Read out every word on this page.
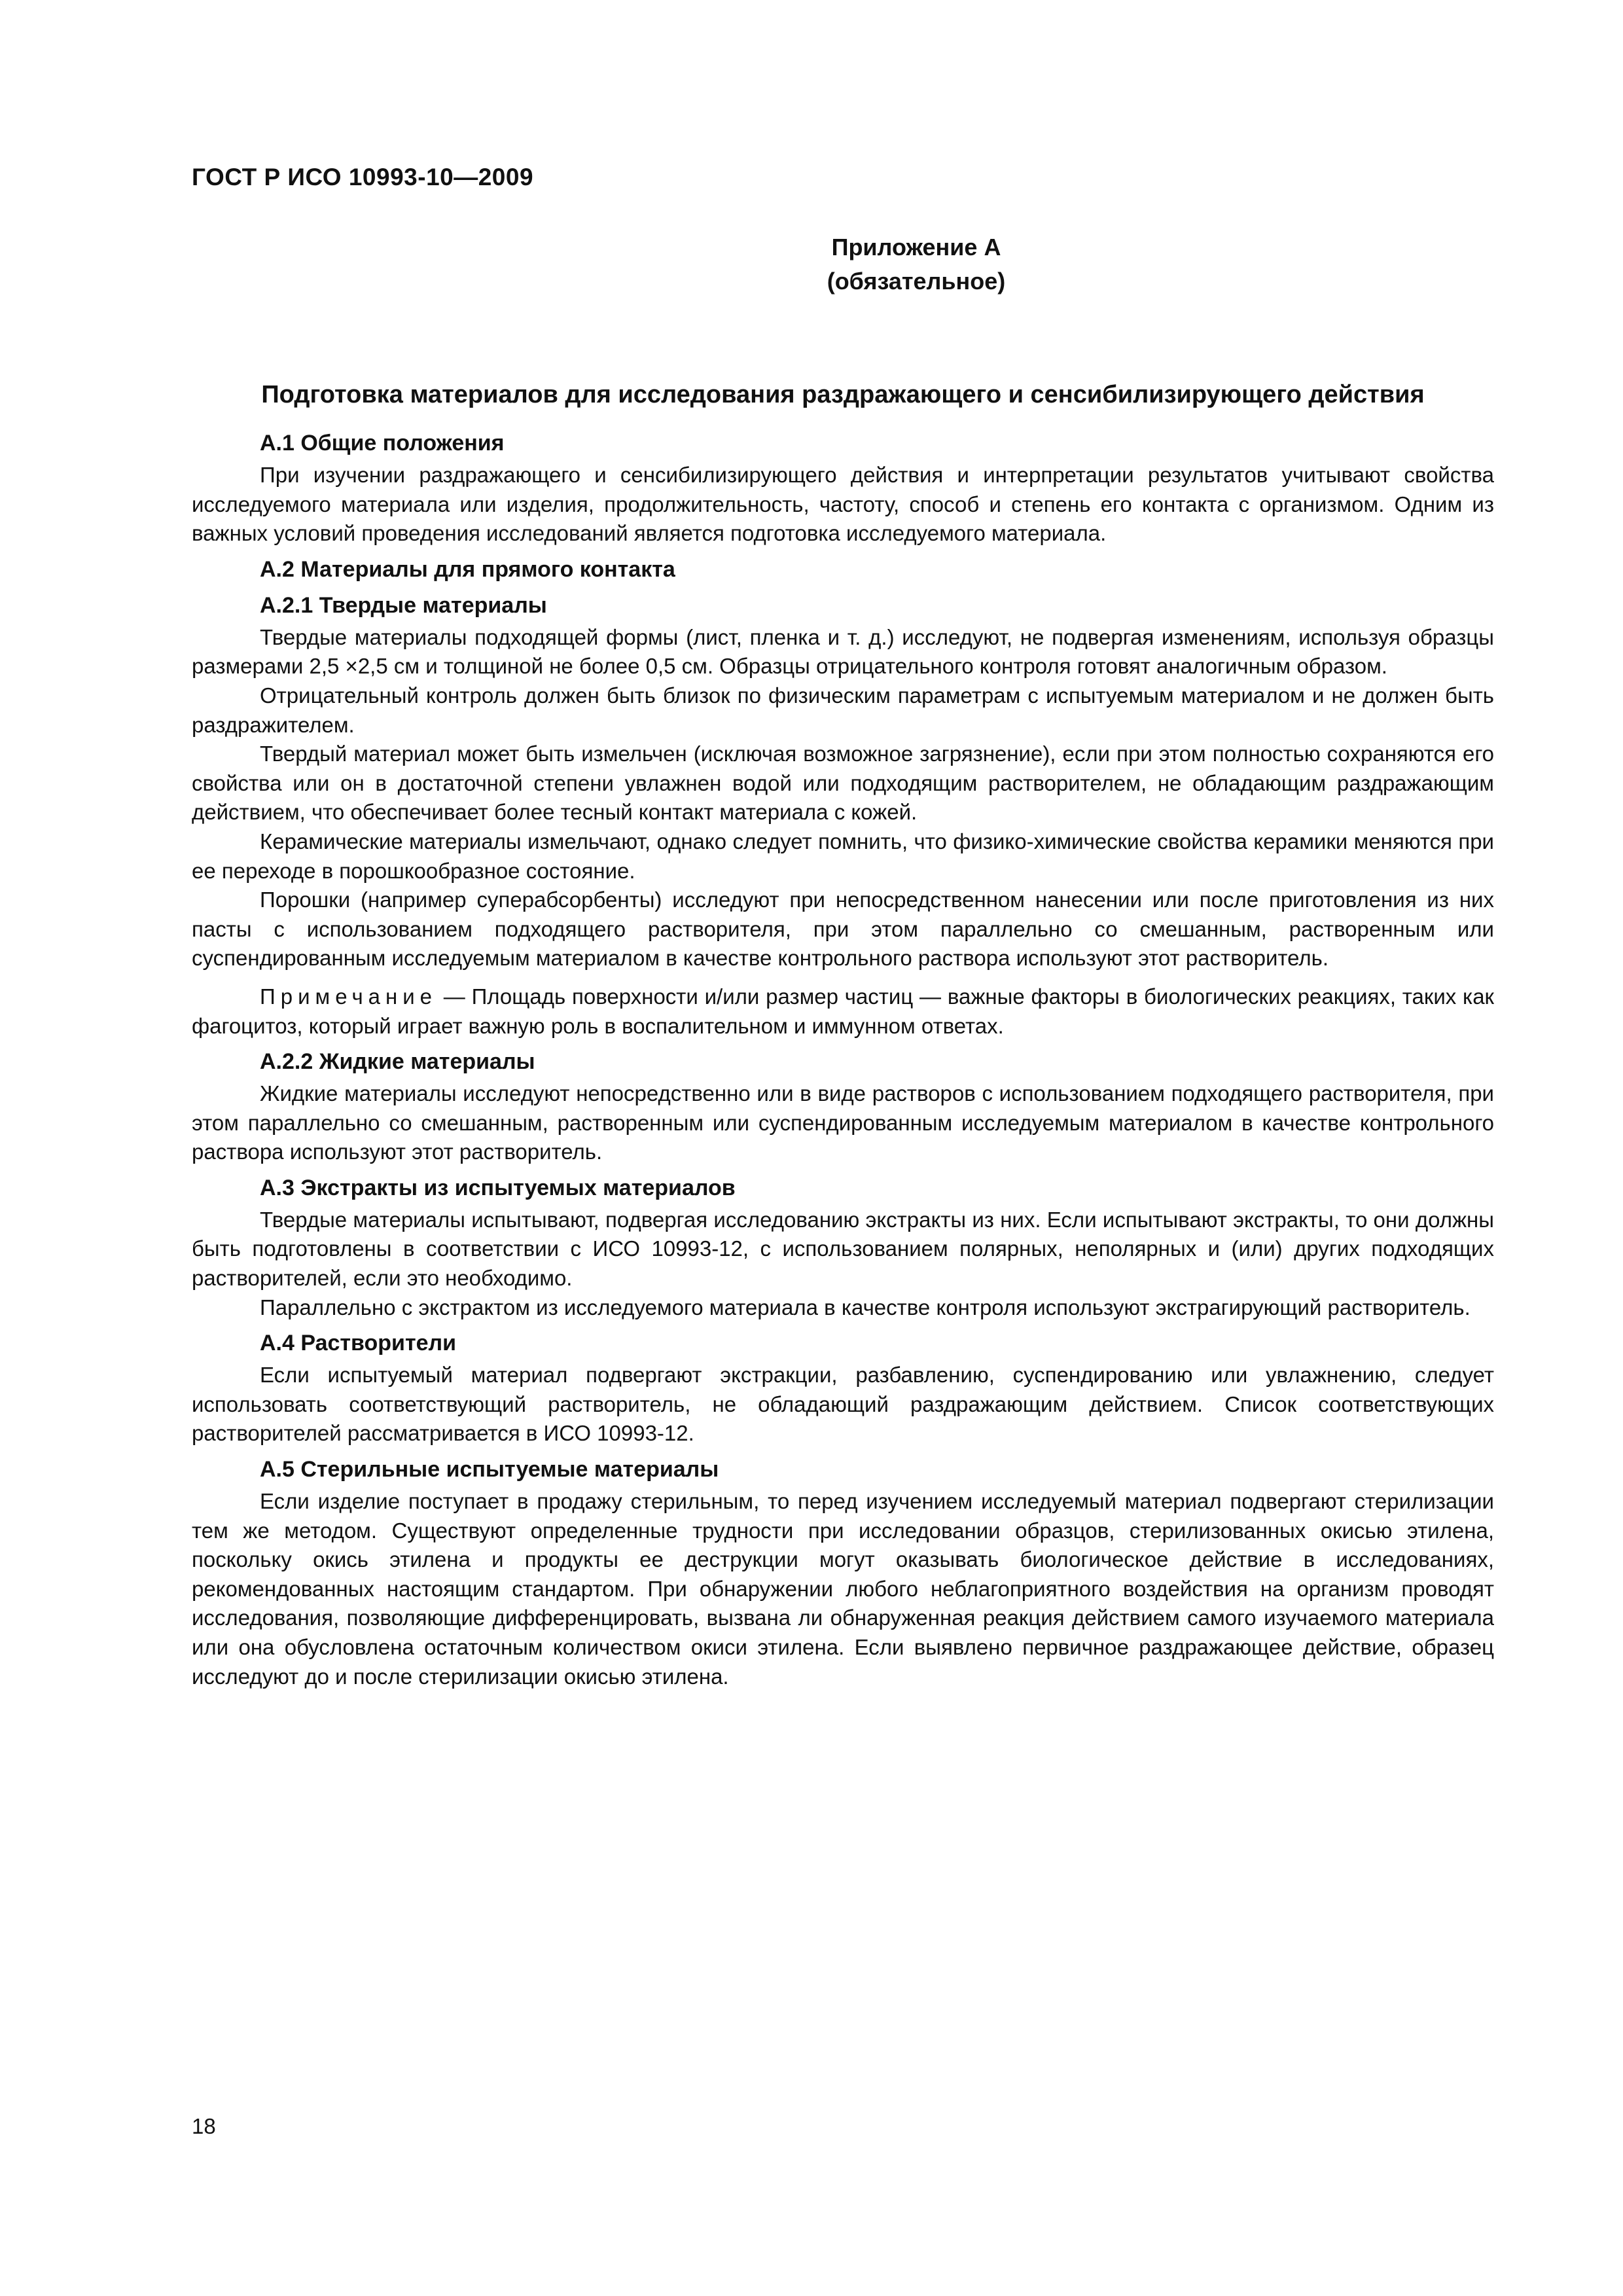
ГОСТ Р ИСО 10993-10—2009
Приложение А
(обязательное)
Подготовка материалов для исследования раздражающего и сенсибилизирующего действия
А.1 Общие положения

При изучении раздражающего и сенсибилизирующего действия и интерпретации результатов учитывают свойства исследуемого материала или изделия, продолжительность, частоту, способ и степень его контакта с организмом. Одним из важных условий проведения исследований является подготовка исследуемого материала.

А.2 Материалы для прямого контакта
А.2.1 Твердые материалы

Твердые материалы подходящей формы (лист, пленка и т. д.) исследуют, не подвергая изменениям, используя образцы размерами 2,5 ×2,5 см и толщиной не более 0,5 см. Образцы отрицательного контроля готовят аналогичным образом.

Отрицательный контроль должен быть близок по физическим параметрам с испытуемым материалом и не должен быть раздражителем.

Твердый материал может быть измельчен (исключая возможное загрязнение), если при этом полностью сохраняются его свойства или он в достаточной степени увлажнен водой или подходящим растворителем, не обладающим раздражающим действием, что обеспечивает более тесный контакт материала с кожей.

Керамические материалы измельчают, однако следует помнить, что физико-химические свойства керамики меняются при ее переходе в порошкообразное состояние.

Порошки (например суперабсорбенты) исследуют при непосредственном нанесении или после приготовления из них пасты с использованием подходящего растворителя, при этом параллельно со смешанным, растворенным или суспендированным исследуемым материалом в качестве контрольного раствора используют этот растворитель.

Примечание — Площадь поверхности и/или размер частиц — важные факторы в биологических реакциях, таких как фагоцитоз, который играет важную роль в воспалительном и иммунном ответах.

А.2.2 Жидкие материалы

Жидкие материалы исследуют непосредственно или в виде растворов с использованием подходящего растворителя, при этом параллельно со смешанным, растворенным или суспендированным исследуемым материалом в качестве контрольного раствора используют этот растворитель.

А.3 Экстракты из испытуемых материалов

Твердые материалы испытывают, подвергая исследованию экстракты из них. Если испытывают экстракты, то они должны быть подготовлены в соответствии с ИСО 10993-12, с использованием полярных, неполярных и (или) других подходящих растворителей, если это необходимо.

Параллельно с экстрактом из исследуемого материала в качестве контроля используют экстрагирующий растворитель.

А.4 Растворители

Если испытуемый материал подвергают экстракции, разбавлению, суспендированию или увлажнению, следует использовать соответствующий растворитель, не обладающий раздражающим действием. Список соответствующих растворителей рассматривается в ИСО 10993-12.

А.5 Стерильные испытуемые материалы

Если изделие поступает в продажу стерильным, то перед изучением исследуемый материал подвергают стерилизации тем же методом. Существуют определенные трудности при исследовании образцов, стерилизованных окисью этилена, поскольку окись этилена и продукты ее деструкции могут оказывать биологическое действие в исследованиях, рекомендованных настоящим стандартом. При обнаружении любого неблагоприятного воздействия на организм проводят исследования, позволяющие дифференцировать, вызвана ли обнаруженная реакция действием самого изучаемого материала или она обусловлена остаточным количеством окиси этилена. Если выявлено первичное раздражающее действие, образец исследуют до и после стерилизации окисью этилена.

18
